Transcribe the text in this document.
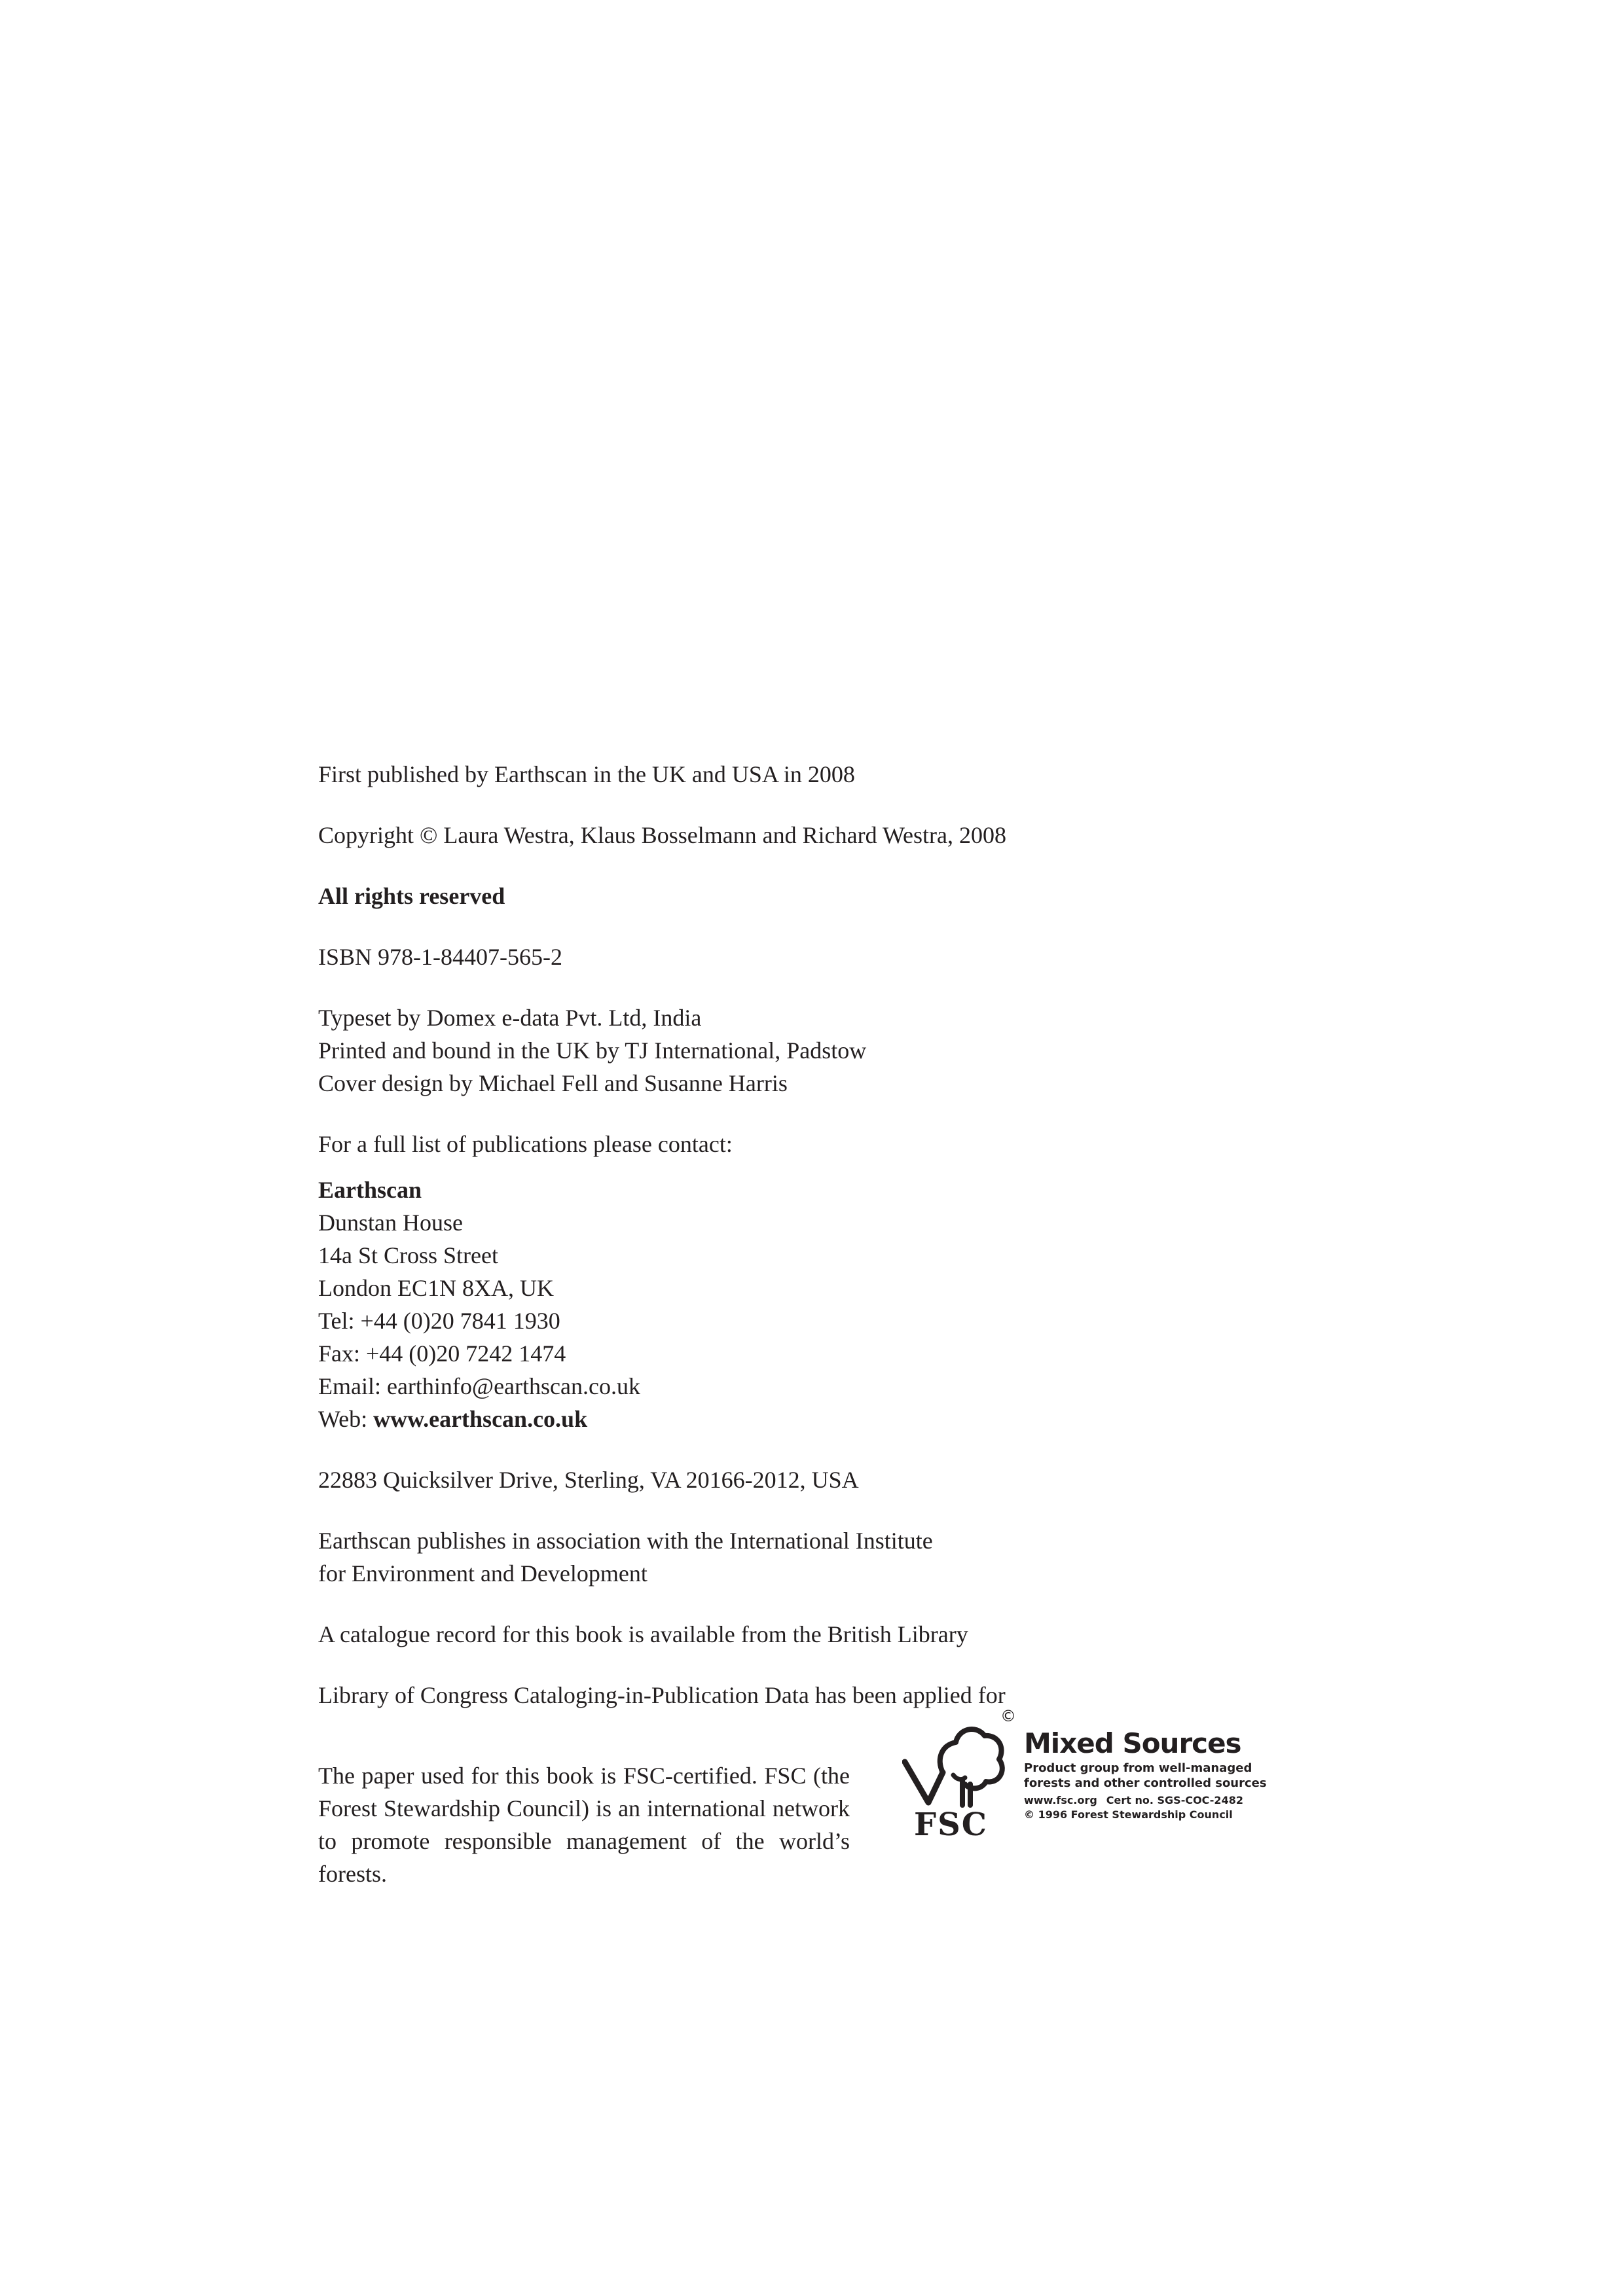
First published by Earthscan in the UK and USA in 2008

Copyright © Laura Westra, Klaus Bosselmann and Richard Westra, 2008

All rights reserved

ISBN 978-1-84407-565-2

Typeset by Domex e-data Pvt. Ltd, India

Printed and bound in the UK by TJ International, Padstow

Cover design by Michael Fell and Susanne Harris

For a full list of publications please contact:

Earthscan

Dunstan House

14a St Cross Street

London EC1N 8XA, UK

Tel: +44 (0)20 7841 1930

Fax: +44 (0)20 7242 1474

Email: earthinfo@earthscan.co.uk

Web: www.earthscan.co.uk

22883 Quicksilver Drive, Sterling, VA 20166-2012, USA

Earthscan publishes in association with the International Institute

for Environment and Development

A catalogue record for this book is available from the British Library

Library of Congress Cataloging-in-Publication Data has been applied for

The paper used for this book is FSC-certified. FSC (the Forest Stewardship Council) is an international network to promote responsible management of the world’s forests.

©
FSC
Mixed Sources
Product group from well-managed
forests and other controlled sources
www.fsc.org Cert no. SGS-COC-2482
© 1996 Forest Stewardship Council
